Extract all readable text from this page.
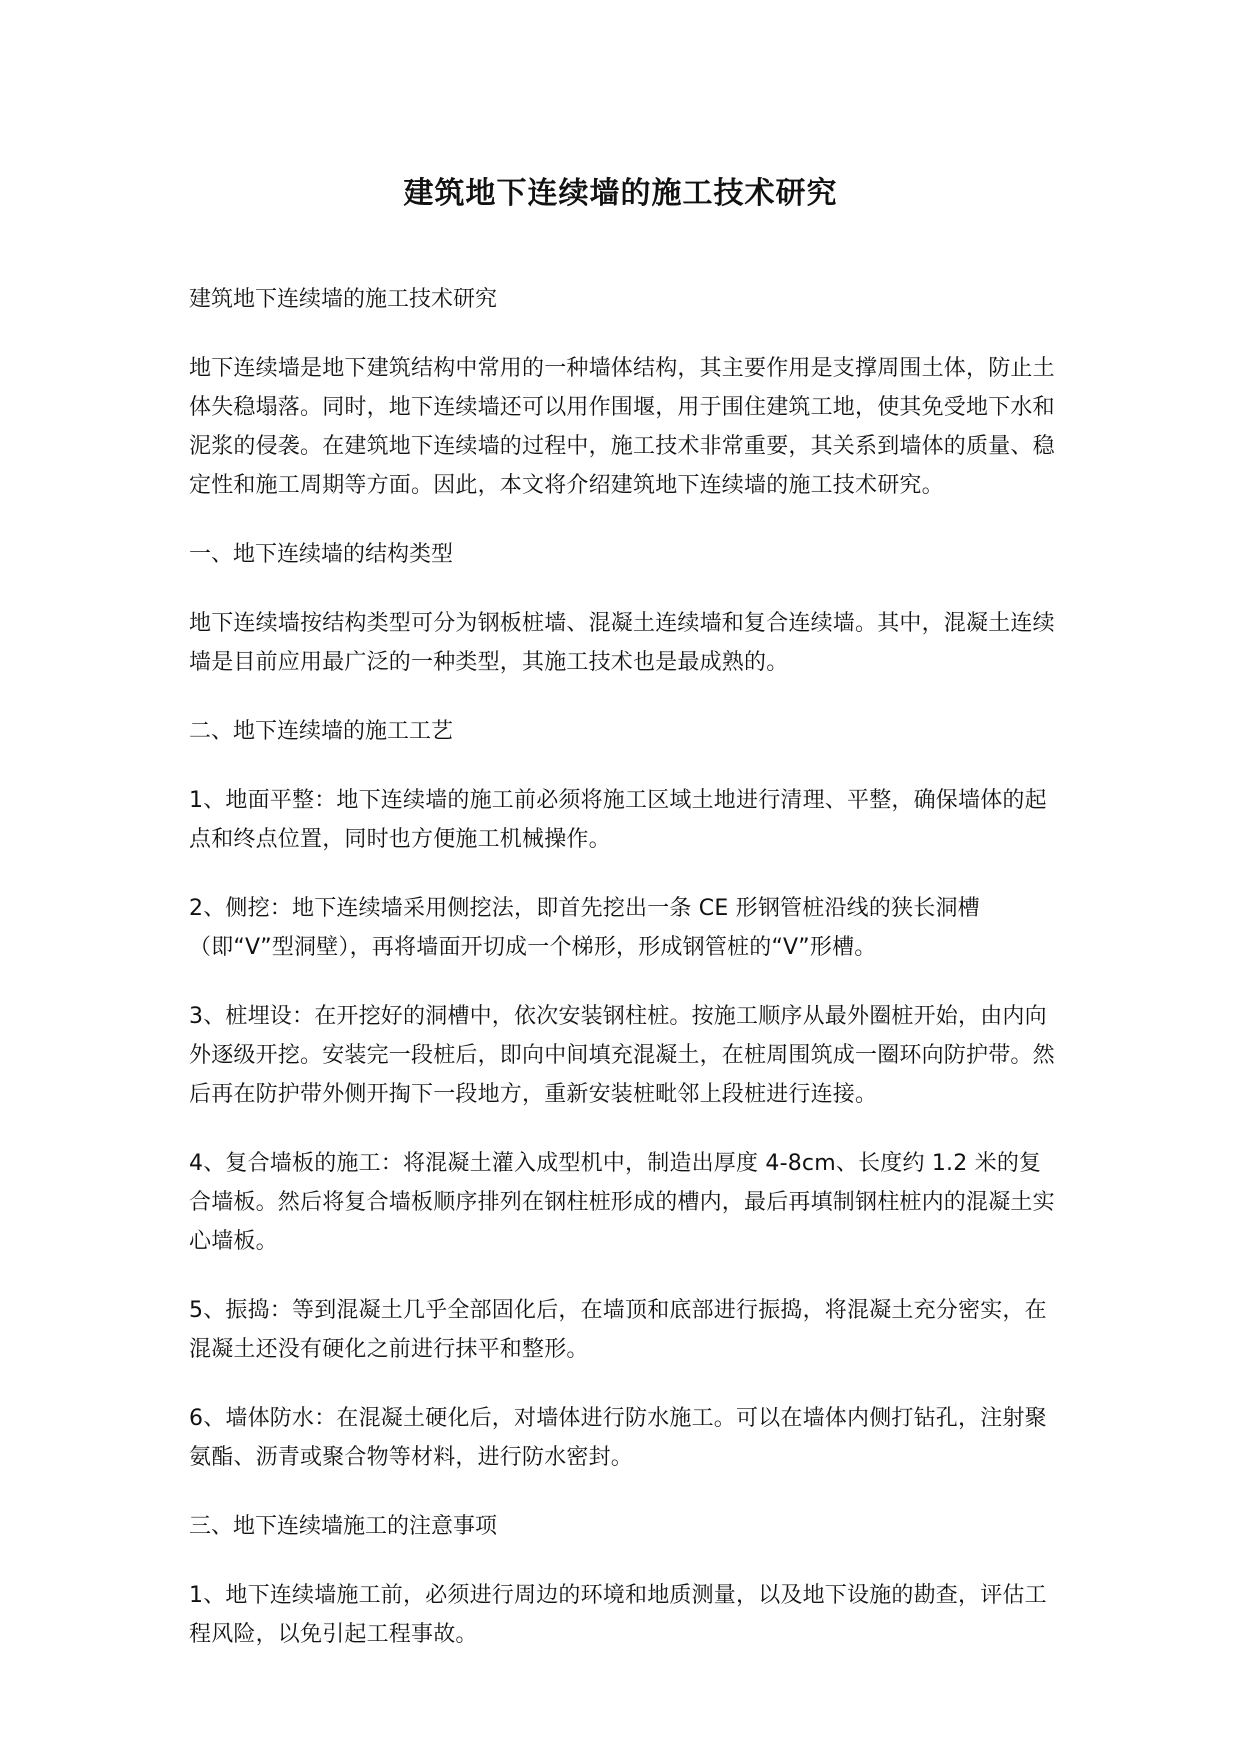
建筑地下连续墙的施工技术研究

建筑地下连续墙的施工技术研究

地下连续墙是地下建筑结构中常用的一种墙体结构，其主要作用是支撑周围土体，防止土体失稳塌落。同时，地下连续墙还可以用作围堰，用于围住建筑工地，使其免受地下水和泥浆的侵袭。在建筑地下连续墙的过程中，施工技术非常重要，其关系到墙体的质量、稳定性和施工周期等方面。因此，本文将介绍建筑地下连续墙的施工技术研究。

一、地下连续墙的结构类型

地下连续墙按结构类型可分为钢板桩墙、混凝土连续墙和复合连续墙。其中，混凝土连续墙是目前应用最广泛的一种类型，其施工技术也是最成熟的。

二、地下连续墙的施工工艺

1、地面平整：地下连续墙的施工前必须将施工区域土地进行清理、平整，确保墙体的起点和终点位置，同时也方便施工机械操作。

2、侧挖：地下连续墙采用侧挖法，即首先挖出一条 CE 形钢管桩沿线的狭长洞槽（即“V”型洞壁），再将墙面开切成一个梯形，形成钢管桩的“V”形槽。

3、桩埋设：在开挖好的洞槽中，依次安装钢柱桩。按施工顺序从最外圈桩开始，由内向外逐级开挖。安装完一段桩后，即向中间填充混凝土，在桩周围筑成一圈环向防护带。然后再在防护带外侧开掏下一段地方，重新安装桩毗邻上段桩进行连接。

4、复合墙板的施工：将混凝土灌入成型机中，制造出厚度 4-8cm、长度约 1.2 米的复合墙板。然后将复合墙板顺序排列在钢柱桩形成的槽内，最后再填制钢柱桩内的混凝土实心墙板。

5、振捣：等到混凝土几乎全部固化后，在墙顶和底部进行振捣，将混凝土充分密实，在混凝土还没有硬化之前进行抹平和整形。

6、墙体防水：在混凝土硬化后，对墙体进行防水施工。可以在墙体内侧打钻孔，注射聚氨酯、沥青或聚合物等材料，进行防水密封。

三、地下连续墙施工的注意事项

1、地下连续墙施工前，必须进行周边的环境和地质测量，以及地下设施的勘查，评估工程风险，以免引起工程事故。
